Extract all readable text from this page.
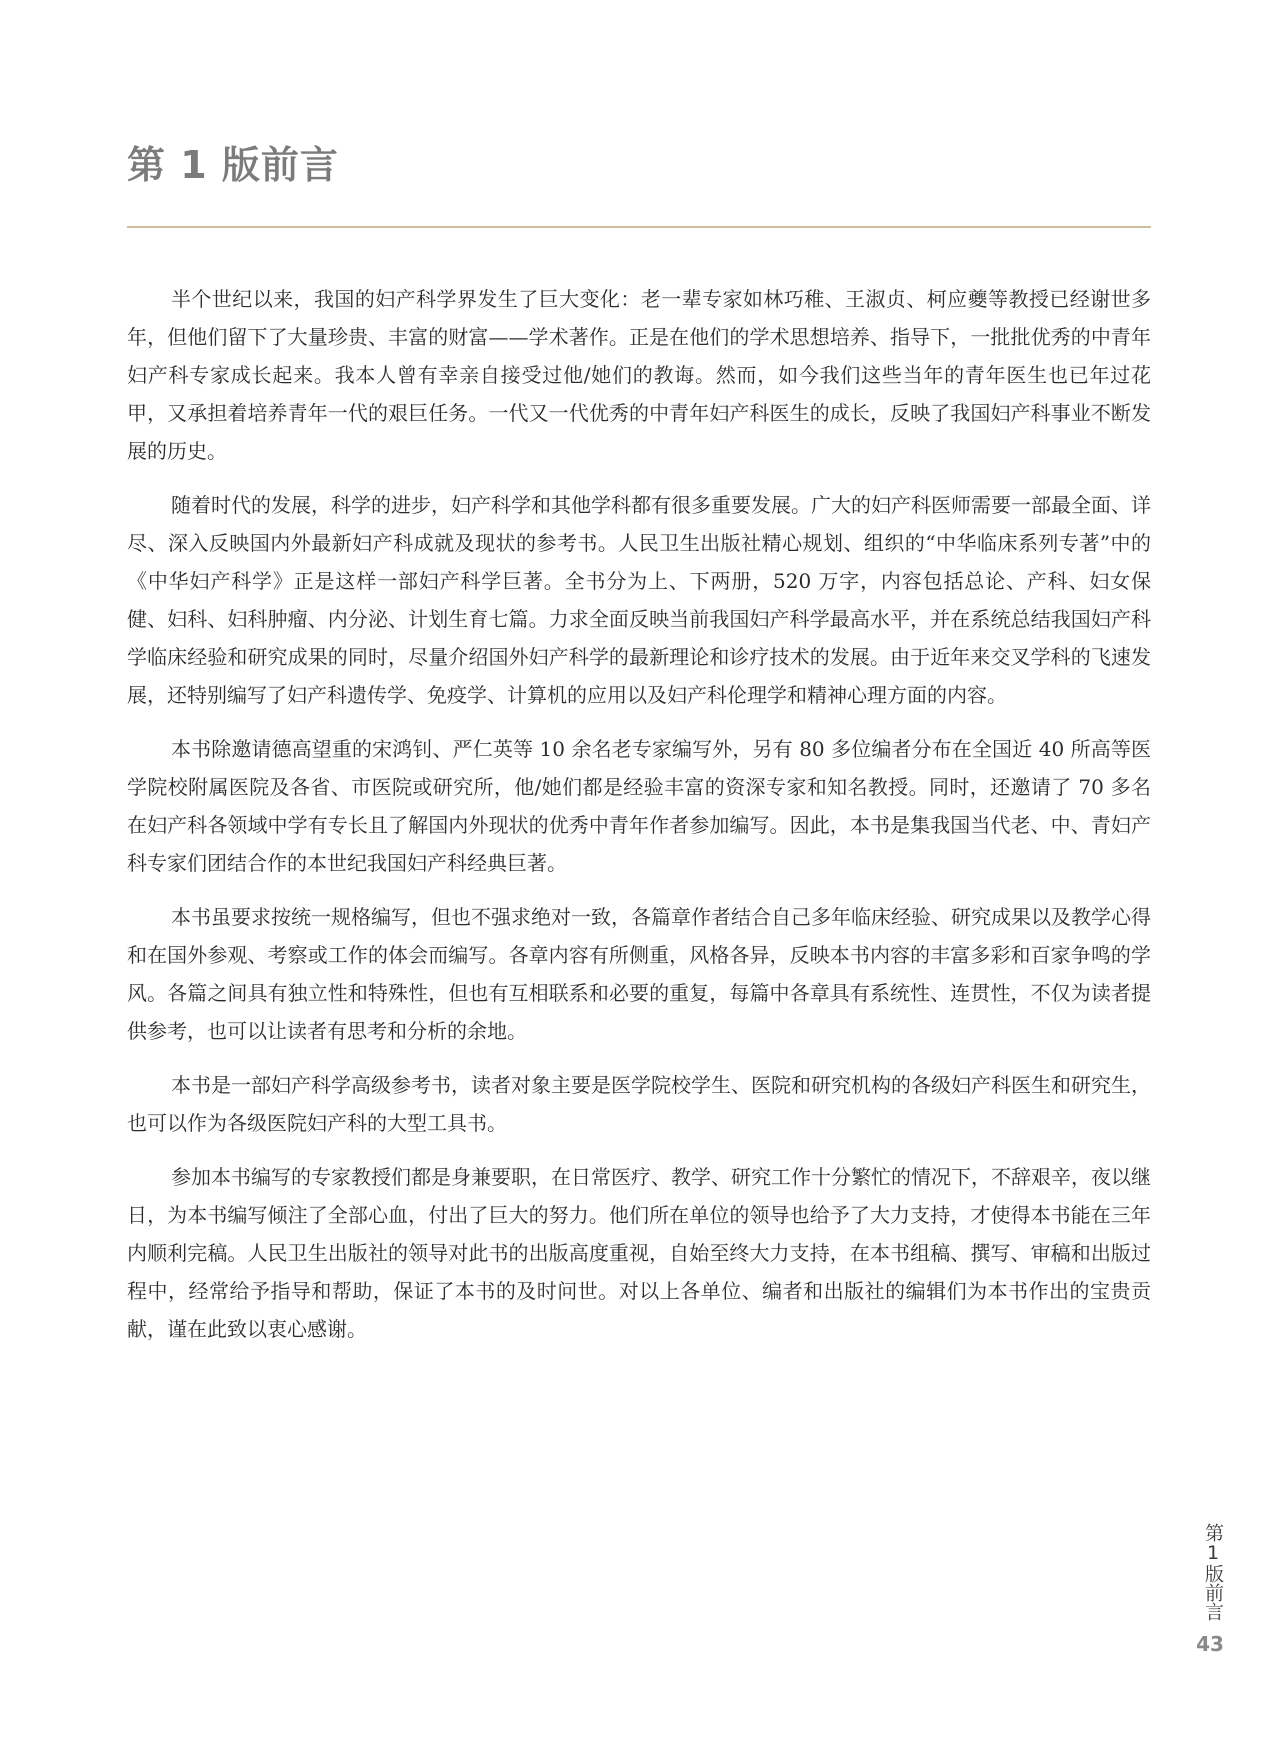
第 1 版前言

半个世纪以来，我国的妇产科学界发生了巨大变化：老一辈专家如林巧稚、王淑贞、柯应夔等教授已经谢世多年，但他们留下了大量珍贵、丰富的财富——学术著作。正是在他们的学术思想培养、指导下，一批批优秀的中青年妇产科专家成长起来。我本人曾有幸亲自接受过他/她们的教诲。然而，如今我们这些当年的青年医生也已年过花甲，又承担着培养青年一代的艰巨任务。一代又一代优秀的中青年妇产科医生的成长，反映了我国妇产科事业不断发展的历史。

随着时代的发展，科学的进步，妇产科学和其他学科都有很多重要发展。广大的妇产科医师需要一部最全面、详尽、深入反映国内外最新妇产科成就及现状的参考书。人民卫生出版社精心规划、组织的“中华临床系列专著”中的《中华妇产科学》正是这样一部妇产科学巨著。全书分为上、下两册，520 万字，内容包括总论、产科、妇女保健、妇科、妇科肿瘤、内分泌、计划生育七篇。力求全面反映当前我国妇产科学最高水平，并在系统总结我国妇产科学临床经验和研究成果的同时，尽量介绍国外妇产科学的最新理论和诊疗技术的发展。由于近年来交叉学科的飞速发展，还特别编写了妇产科遗传学、免疫学、计算机的应用以及妇产科伦理学和精神心理方面的内容。

本书除邀请德高望重的宋鸿钊、严仁英等 10 余名老专家编写外，另有 80 多位编者分布在全国近 40 所高等医学院校附属医院及各省、市医院或研究所，他/她们都是经验丰富的资深专家和知名教授。同时，还邀请了 70 多名在妇产科各领域中学有专长且了解国内外现状的优秀中青年作者参加编写。因此，本书是集我国当代老、中、青妇产科专家们团结合作的本世纪我国妇产科经典巨著。

本书虽要求按统一规格编写，但也不强求绝对一致，各篇章作者结合自己多年临床经验、研究成果以及教学心得和在国外参观、考察或工作的体会而编写。各章内容有所侧重，风格各异，反映本书内容的丰富多彩和百家争鸣的学风。各篇之间具有独立性和特殊性，但也有互相联系和必要的重复，每篇中各章具有系统性、连贯性，不仅为读者提供参考，也可以让读者有思考和分析的余地。

本书是一部妇产科学高级参考书，读者对象主要是医学院校学生、医院和研究机构的各级妇产科医生和研究生，也可以作为各级医院妇产科的大型工具书。

参加本书编写的专家教授们都是身兼要职，在日常医疗、教学、研究工作十分繁忙的情况下，不辞艰辛，夜以继日，为本书编写倾注了全部心血，付出了巨大的努力。他们所在单位的领导也给予了大力支持，才使得本书能在三年内顺利完稿。人民卫生出版社的领导对此书的出版高度重视，自始至终大力支持，在本书组稿、撰写、审稿和出版过程中，经常给予指导和帮助，保证了本书的及时问世。对以上各单位、编者和出版社的编辑们为本书作出的宝贵贡献，谨在此致以衷心感谢。

第1版前言
43
